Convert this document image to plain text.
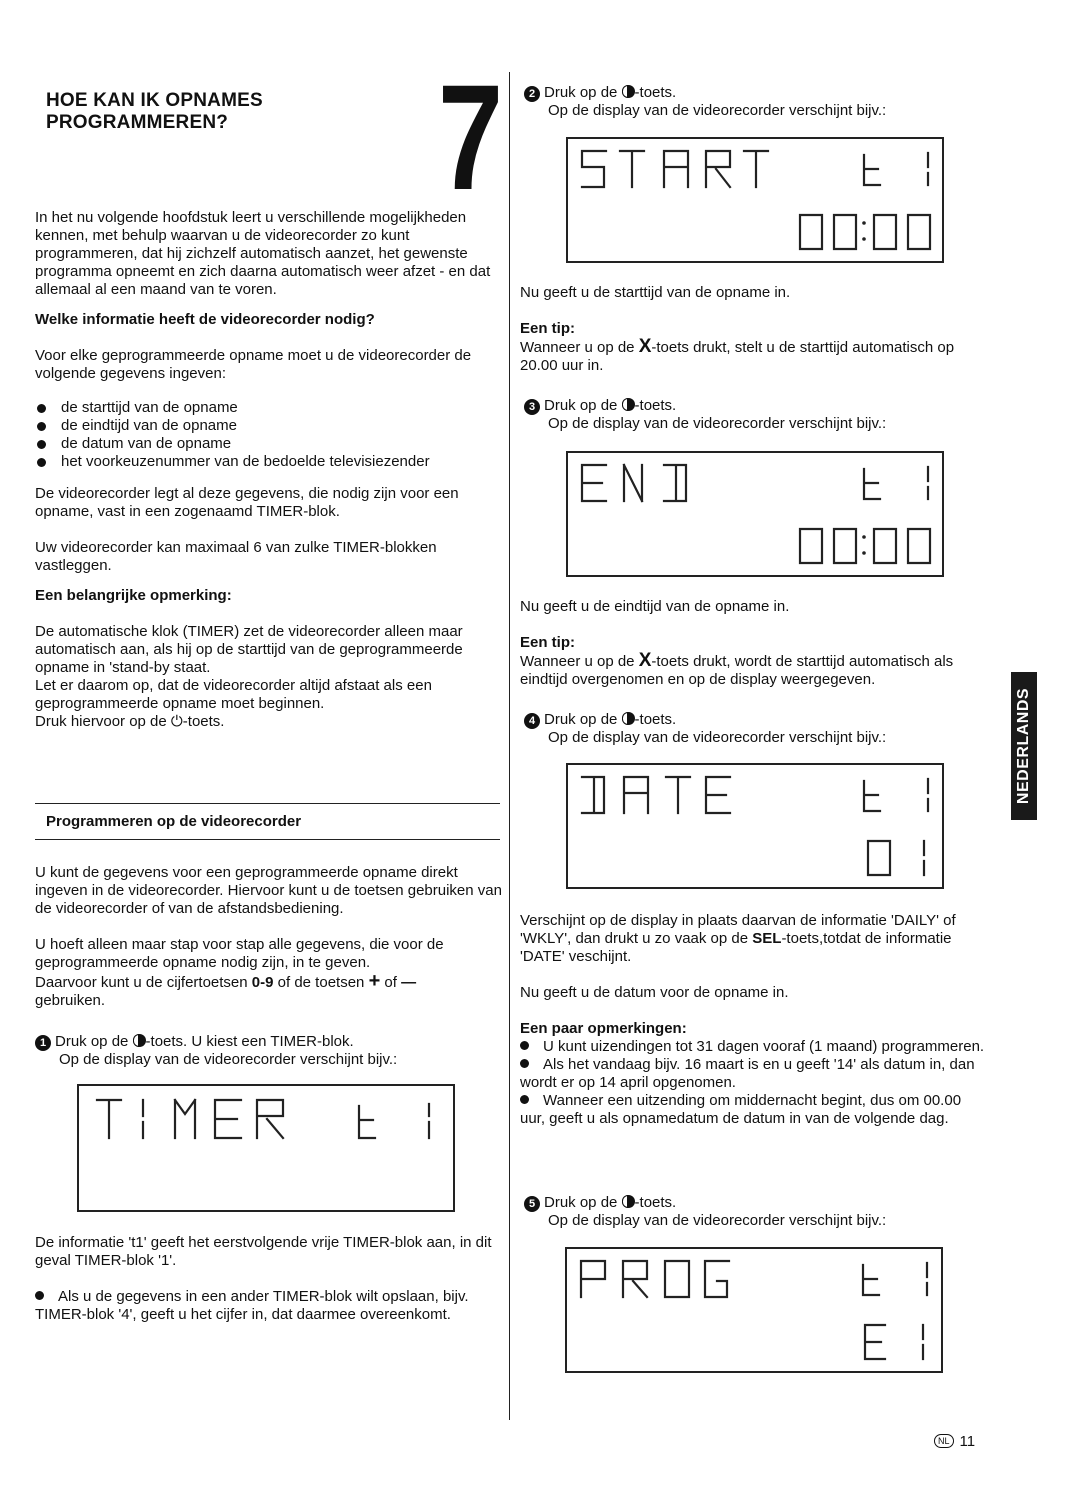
HOE KAN IK OPNAMES
PROGRAMMEREN? 7

In het nu volgende hoofdstuk leert u verschillende mogelijkheden kennen, met behulp waarvan u de videorecorder zo kunt programmeren, dat hij zichzelf automatisch aanzet, het gewenste programma opneemt en zich daarna automatisch weer afzet - en dat allemaal al een maand van te voren.

Welke informatie heeft de videorecorder nodig?

Voor elke geprogrammeerde opname moet u de videorecorder de volgende gegevens ingeven:

de starttijd van de opname
de eindtijd van de opname
de datum van de opname
het voorkeuzenummer van de bedoelde televisiezender

De videorecorder legt al deze gegevens, die nodig zijn voor een opname, vast in een zogenaamd TIMER-blok.

Uw videorecorder kan maximaal 6 van zulke TIMER-blokken vastleggen.

Een belangrijke opmerking:

De automatische klok (TIMER) zet de videorecorder alleen maar automatisch aan, als hij op de starttijd van de geprogrammeerde opname in 'stand-by staat.

Let er daarom op, dat de videorecorder altijd afstaat als een geprogrammeerde opname moet beginnen.

Druk hiervoor op de ⏻-toets.

Programmeren op de videorecorder

U kunt de gegevens voor een geprogrammeerde opname direkt ingeven in de videorecorder. Hiervoor kunt u de toetsen gebruiken van de videorecorder of van de afstandsbediening.

U hoeft alleen maar stap voor stap alle gegevens, die voor de geprogrammeerde opname nodig zijn, in te geven.

Daarvoor kunt u de cijfertoetsen 0-9 of de toetsen + of —
gebruiken.

1 Druk op de -toets. U kiest een TIMER-blok.
Op de display van de videorecorder verschijnt bijv.:

De informatie 't1' geeft het eerstvolgende vrije TIMER-blok aan, in dit geval TIMER-blok '1'.

Als u de gegevens in een ander TIMER-blok wilt opslaan, bijv. TIMER-blok '4', geeft u het cijfer in, dat daarmee overeenkomt.

2 Druk op de -toets.
Op de display van de videorecorder verschijnt bijv.:

Nu geeft u de starttijd van de opname in.

Een tip:

Wanneer u op de X-toets drukt, stelt u de starttijd automatisch op 20.00 uur in.

3 Druk op de -toets.
Op de display van de videorecorder verschijnt bijv.:

Nu geeft u de eindtijd van de opname in.

Een tip:

Wanneer u op de X-toets drukt, wordt de starttijd automatisch als eindtijd overgenomen en op de display weergegeven.

4 Druk op de -toets.
Op de display van de videorecorder verschijnt bijv.:

Verschijnt op de display in plaats daarvan de informatie 'DAILY' of 'WKLY', dan drukt u zo vaak op de SEL-toets,totdat de informatie 'DATE' veschijnt.

Nu geeft u de datum voor de opname in.

Een paar opmerkingen:

U kunt uizendingen tot 31 dagen vooraf (1 maand) programmeren.

Als het vandaag bijv. 16 maart is en u geeft '14' als datum in, dan wordt er op 14 april opgenomen.

Wanneer een uitzending om middernacht begint, dus om 00.00 uur, geeft u als opnamedatum de datum in van de volgende dag.

5 Druk op de -toets.
Op de display van de videorecorder verschijnt bijv.:
NEDERLANDS
NL 11
